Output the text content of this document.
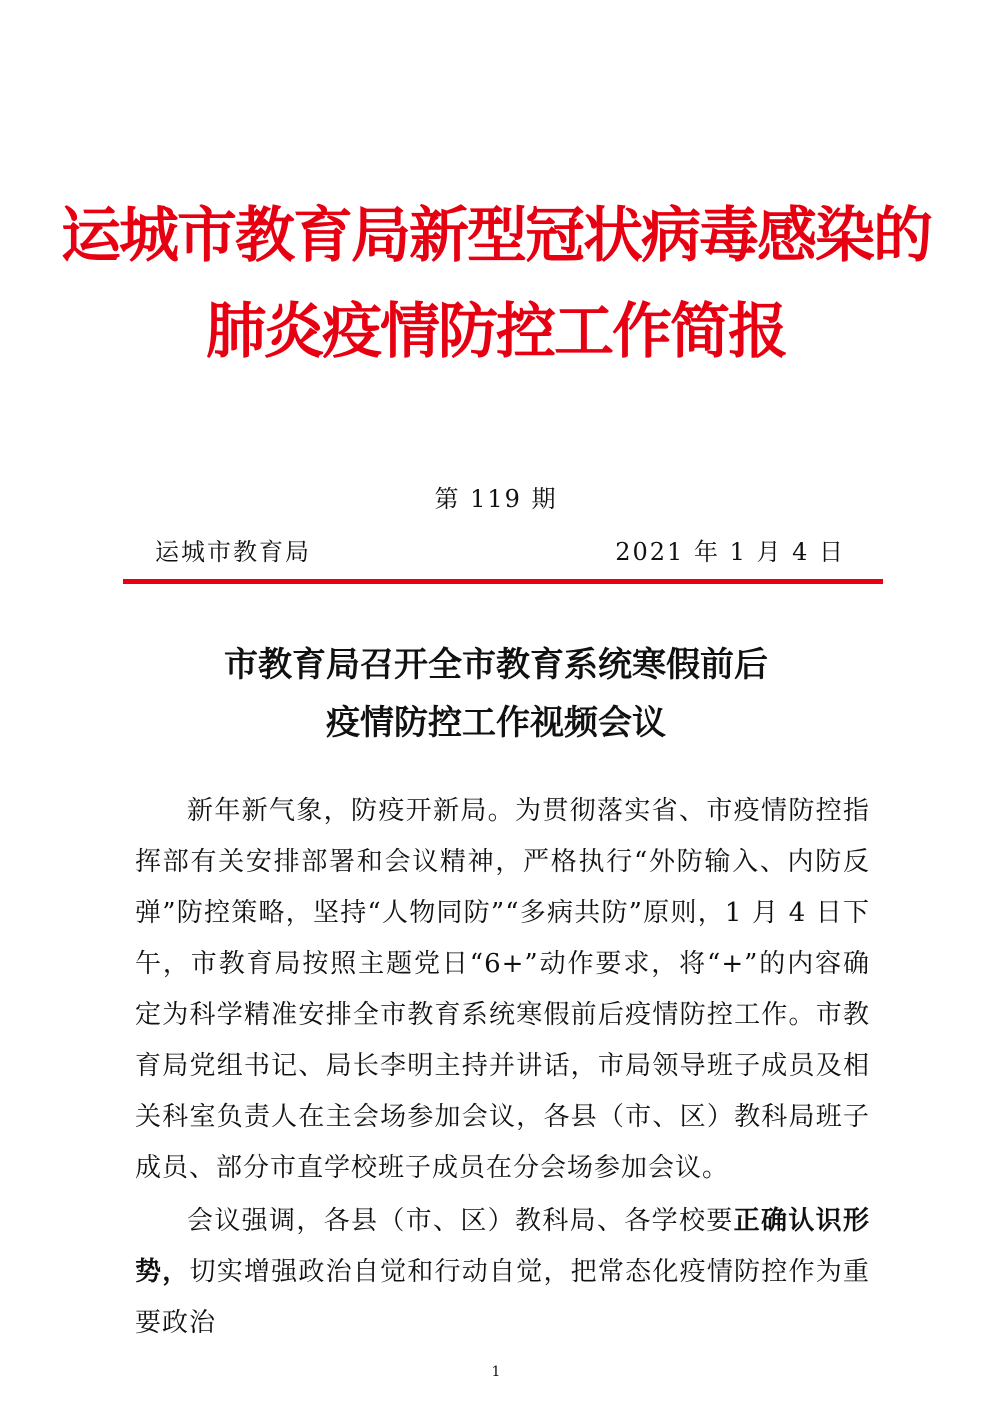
运城市教育局新型冠状病毒感染的
肺炎疫情防控工作简报
第 119 期
运城市教育局	2021 年 1 月 4 日
市教育局召开全市教育系统寒假前后
疫情防控工作视频会议

新年新气象，防疫开新局。为贯彻落实省、市疫情防控指挥部有关安排部署和会议精神，严格执行“外防输入、内防反弹”防控策略，坚持“人物同防”“多病共防”原则，1 月 4 日下午，市教育局按照主题党日“6+”动作要求，将“+”的内容确定为科学精准安排全市教育系统寒假前后疫情防控工作。市教育局党组书记、局长李明主持并讲话，市局领导班子成员及相关科室负责人在主会场参加会议，各县（市、区）教科局班子成员、部分市直学校班子成员在分会场参加会议。

会议强调，各县（市、区）教科局、各学校要正确认识形势，切实增强政治自觉和行动自觉，把常态化疫情防控作为重要政治

1
